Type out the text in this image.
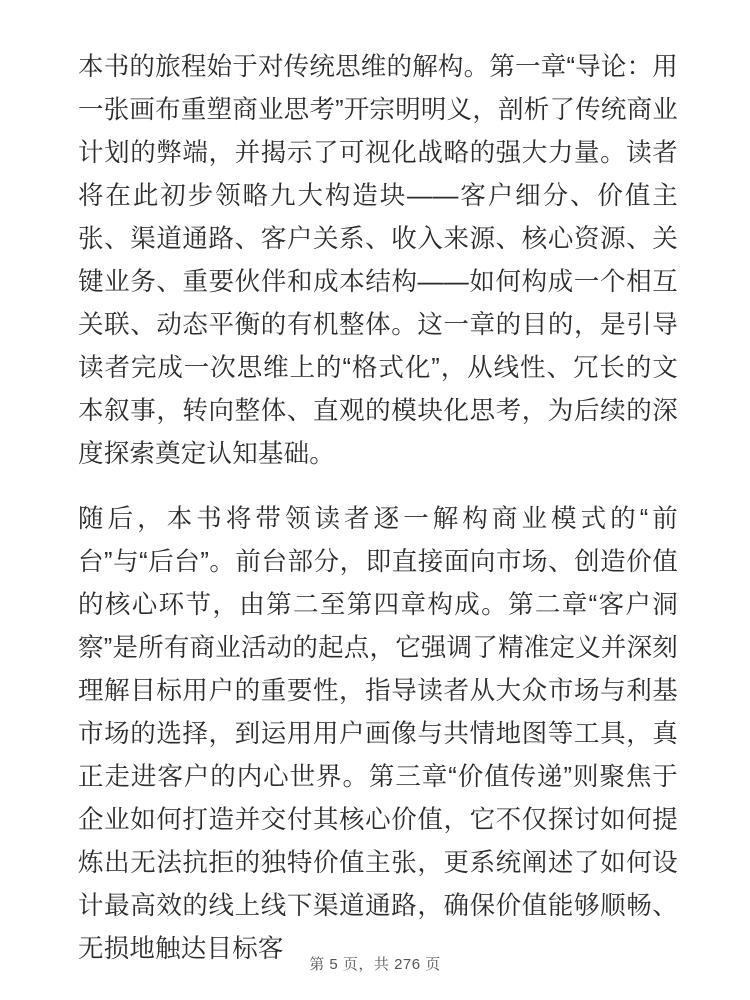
本书的旅程始于对传统思维的解构。第一章“导论：用一张画布重塑商业思考”开宗明明义，剖析了传统商业计划的弊端，并揭示了可视化战略的强大力量。读者将在此初步领略九大构造块——客户细分、价值主张、渠道通路、客户关系、收入来源、核心资源、关键业务、重要伙伴和成本结构——如何构成一个相互关联、动态平衡的有机整体。这一章的目的，是引导读者完成一次思维上的“格式化”，从线性、冗长的文本叙事，转向整体、直观的模块化思考，为后续的深度探索奠定认知基础。

随后，本书将带领读者逐一解构商业模式的“前台”与“后台”。前台部分，即直接面向市场、创造价值的核心环节，由第二至第四章构成。第二章“客户洞察”是所有商业活动的起点，它强调了精准定义并深刻理解目标用户的重要性，指导读者从大众市场与利基市场的选择，到运用用户画像与共情地图等工具，真正走进客户的内心世界。第三章“价值传递”则聚焦于企业如何打造并交付其核心价值，它不仅探讨如何提炼出无法抗拒的独特价值主张，更系统阐述了如何设计最高效的线上线下渠道通路，确保价值能够顺畅、无损地触达目标客

第 5 页，共 276 页
